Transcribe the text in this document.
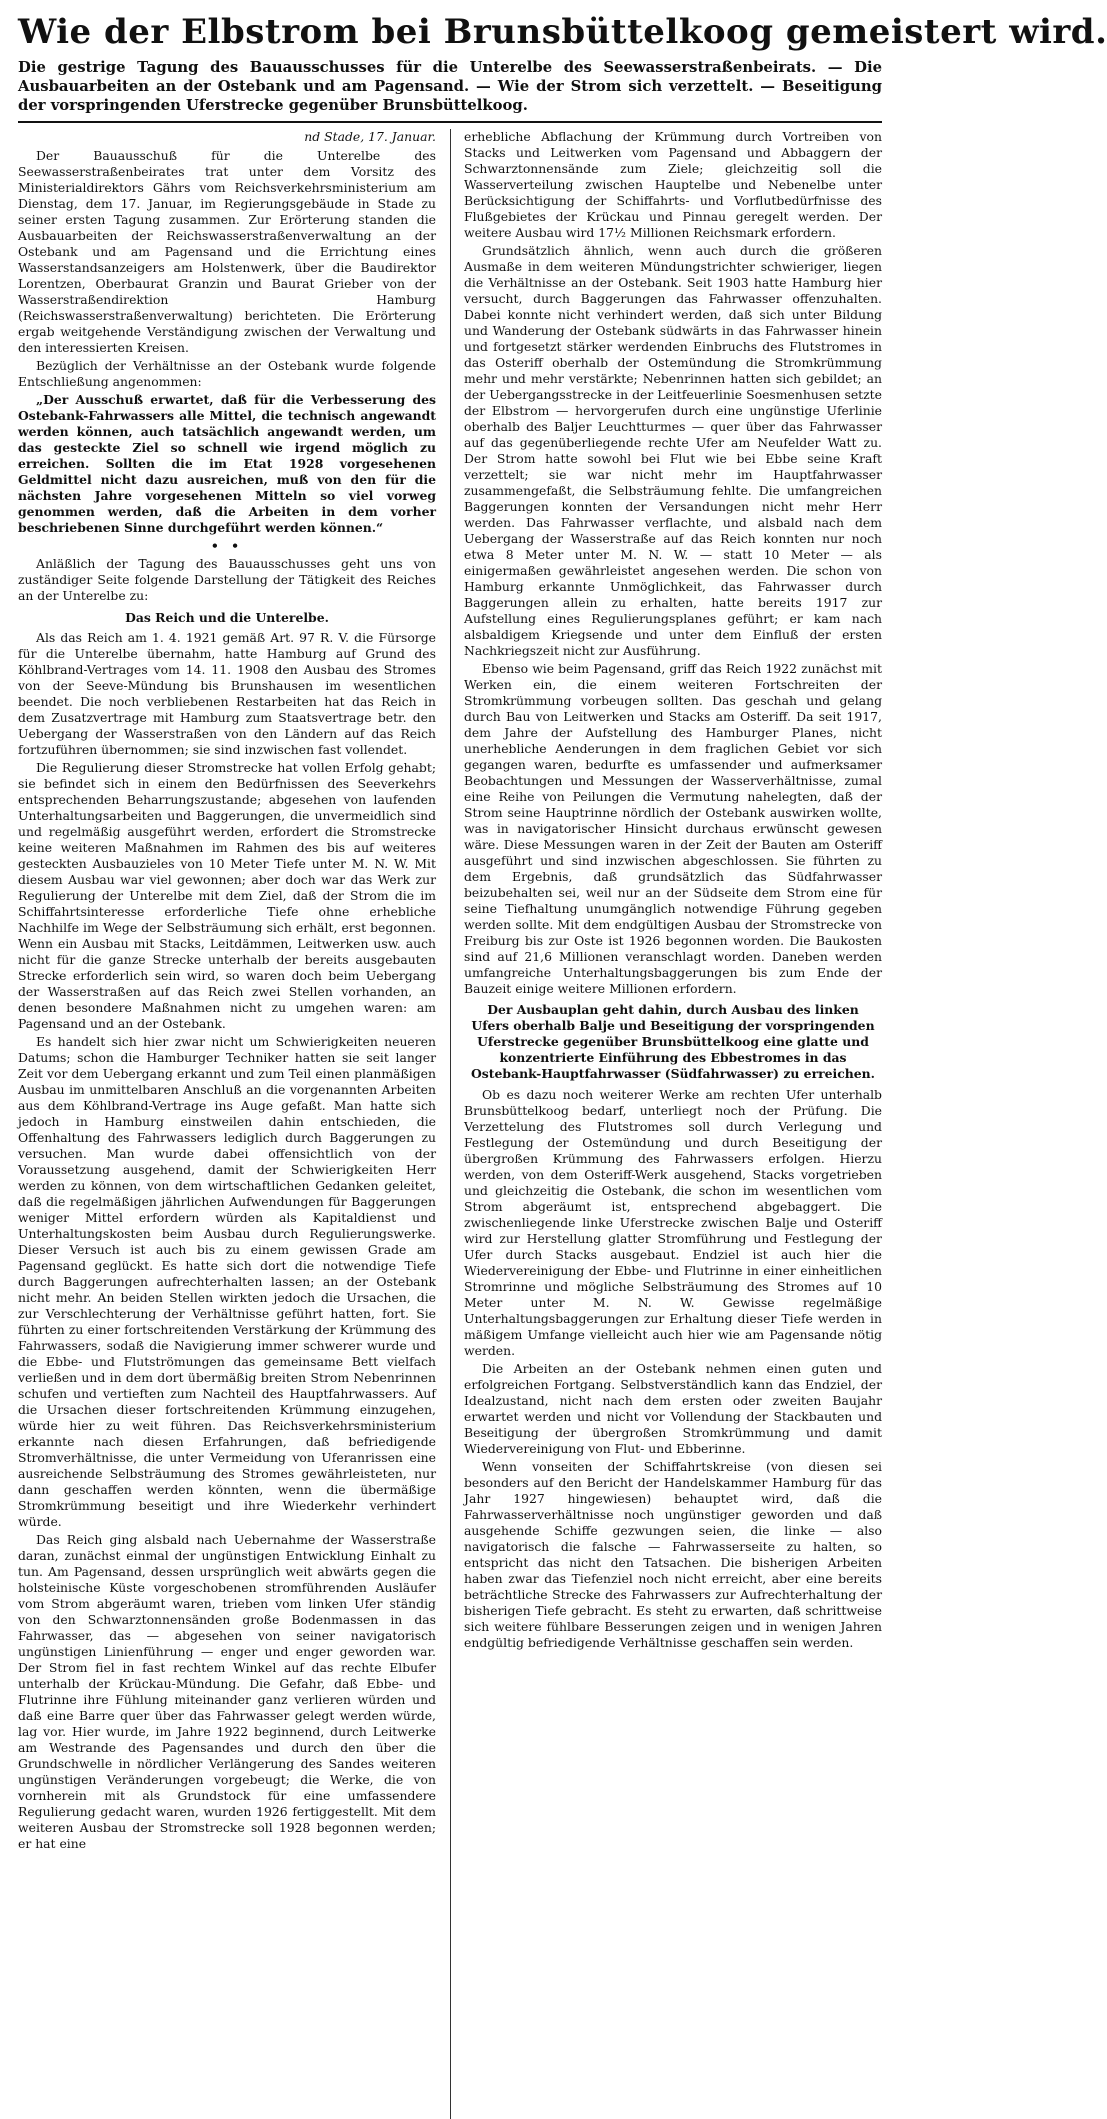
Wie der Elbstrom bei Brunsbüttelkoog gemeistert wird.
Die gestrige Tagung des Bauausschusses für die Unterelbe des Seewasserstraßenbeirats. — Die Ausbauarbeiten an der Ostebank und am Pagensand. — Wie der Strom sich verzettelt. — Beseitigung der vorspringenden Uferstrecke gegenüber Brunsbüttelkoog.
nd Stade, 17. Januar.

Der Bauausschuß für die Unterelbe des Seewasserstraßenbeirates trat unter dem Vorsitz des Ministerialdirektors Gährs vom Reichsverkehrsministerium am Dienstag, dem 17. Januar, im Regierungsgebäude in Stade zu seiner ersten Tagung zusammen. Zur Erörterung standen die Ausbauarbeiten der Reichswasserstraßenverwaltung an der Ostebank und am Pagensand und die Errichtung eines Wasserstandsanzeigers am Holstenwerk, über die Baudirektor Lorentzen, Oberbaurat Granzin und Baurat Grieber von der Wasserstraßendirektion Hamburg (Reichswasserstraßenverwaltung) berichteten. Die Erörterung ergab weitgehende Verständigung zwischen der Verwaltung und den interessierten Kreisen.

Bezüglich der Verhältnisse an der Ostebank wurde folgende Entschließung angenommen:

„Der Ausschuß erwartet, daß für die Verbesserung des Ostebank-Fahrwassers alle Mittel, die technisch angewandt werden können, auch tatsächlich angewandt werden, um das gesteckte Ziel so schnell wie irgend möglich zu erreichen. Sollten die im Etat 1928 vorgesehenen Geldmittel nicht dazu ausreichen, muß von den für die nächsten Jahre vorgesehenen Mitteln so viel vorweg genommen werden, daß die Arbeiten in dem vorher beschriebenen Sinne durchgeführt werden können.“

• •

Anläßlich der Tagung des Bauausschusses geht uns von zuständiger Seite folgende Darstellung der Tätigkeit des Reiches an der Unterelbe zu:

Das Reich und die Unterelbe.

Als das Reich am 1. 4. 1921 gemäß Art. 97 R. V. die Fürsorge für die Unterelbe übernahm, hatte Hamburg auf Grund des Köhlbrand-Vertrages vom 14. 11. 1908 den Ausbau des Stromes von der Seeve-Mündung bis Brunshausen im wesentlichen beendet. Die noch verbliebenen Restarbeiten hat das Reich in dem Zusatzvertrage mit Hamburg zum Staatsvertrage betr. den Uebergang der Wasserstraßen von den Ländern auf das Reich fortzuführen übernommen; sie sind inzwischen fast vollendet.

Die Regulierung dieser Stromstrecke hat vollen Erfolg gehabt; sie befindet sich in einem den Bedürfnissen des Seeverkehrs entsprechenden Beharrungszustande; abgesehen von laufenden Unterhaltungsarbeiten und Baggerungen, die unvermeidlich sind und regelmäßig ausgeführt werden, erfordert die Stromstrecke keine weiteren Maßnahmen im Rahmen des bis auf weiteres gesteckten Ausbauzieles von 10 Meter Tiefe unter M. N. W. Mit diesem Ausbau war viel gewonnen; aber doch war das Werk zur Regulierung der Unterelbe mit dem Ziel, daß der Strom die im Schiffahrtsinteresse erforderliche Tiefe ohne erhebliche Nachhilfe im Wege der Selbsträumung sich erhält, erst begonnen. Wenn ein Ausbau mit Stacks, Leitdämmen, Leitwerken usw. auch nicht für die ganze Strecke unterhalb der bereits ausgebauten Strecke erforderlich sein wird, so waren doch beim Uebergang der Wasserstraßen auf das Reich zwei Stellen vorhanden, an denen besondere Maßnahmen nicht zu umgehen waren: am Pagensand und an der Ostebank.

Es handelt sich hier zwar nicht um Schwierigkeiten neueren Datums; schon die Hamburger Techniker hatten sie seit langer Zeit vor dem Uebergang erkannt und zum Teil einen planmäßigen Ausbau im unmittelbaren Anschluß an die vorgenannten Arbeiten aus dem Köhlbrand-Vertrage ins Auge gefaßt. Man hatte sich jedoch in Hamburg einstweilen dahin entschieden, die Offenhaltung des Fahrwassers lediglich durch Baggerungen zu versuchen. Man wurde dabei offensichtlich von der Voraussetzung ausgehend, damit der Schwierigkeiten Herr werden zu können, von dem wirtschaftlichen Gedanken geleitet, daß die regelmäßigen jährlichen Aufwendungen für Baggerungen weniger Mittel erfordern würden als Kapitaldienst und Unterhaltungskosten beim Ausbau durch Regulierungswerke. Dieser Versuch ist auch bis zu einem gewissen Grade am Pagensand geglückt. Es hatte sich dort die notwendige Tiefe durch Baggerungen aufrechterhalten lassen; an der Ostebank nicht mehr. An beiden Stellen wirkten jedoch die Ursachen, die zur Verschlechterung der Verhältnisse geführt hatten, fort. Sie führten zu einer fortschreitenden Verstärkung der Krümmung des Fahrwassers, sodaß die Navigierung immer schwerer wurde und die Ebbe- und Flutströmungen das gemeinsame Bett vielfach verließen und in dem dort übermäßig breiten Strom Nebenrinnen schufen und vertieften zum Nachteil des Hauptfahrwassers. Auf die Ursachen dieser fortschreitenden Krümmung einzugehen, würde hier zu weit führen. Das Reichsverkehrsministerium erkannte nach diesen Erfahrungen, daß befriedigende Stromverhältnisse, die unter Vermeidung von Uferanrissen eine ausreichende Selbsträumung des Stromes gewährleisteten, nur dann geschaffen werden könnten, wenn die übermäßige Stromkrümmung beseitigt und ihre Wiederkehr verhindert würde.

Das Reich ging alsbald nach Uebernahme der Wasserstraße daran, zunächst einmal der ungünstigen Entwicklung Einhalt zu tun. Am Pagensand, dessen ursprünglich weit abwärts gegen die holsteinische Küste vorgeschobenen stromführenden Ausläufer vom Strom abgeräumt waren, trieben vom linken Ufer ständig von den Schwarztonnensänden große Bodenmassen in das Fahrwasser, das — abgesehen von seiner navigatorisch ungünstigen Linienführung — enger und enger geworden war. Der Strom fiel in fast rechtem Winkel auf das rechte Elbufer unterhalb der Krückau-Mündung. Die Gefahr, daß Ebbe- und Flutrinne ihre Fühlung miteinander ganz verlieren würden und daß eine Barre quer über das Fahrwasser gelegt werden würde, lag vor. Hier wurde, im Jahre 1922 beginnend, durch Leitwerke am Westrande des Pagensandes und durch den über die Grundschwelle in nördlicher Verlängerung des Sandes weiteren ungünstigen Veränderungen vorgebeugt; die Werke, die von vornherein mit als Grundstock für eine umfassendere Regulierung gedacht waren, wurden 1926 fertiggestellt. Mit dem weiteren Ausbau der Stromstrecke soll 1928 begonnen werden; er hat eine

erhebliche Abflachung der Krümmung durch Vortreiben von Stacks und Leitwerken vom Pagensand und Abbaggern der Schwarztonnensände zum Ziele; gleichzeitig soll die Wasserverteilung zwischen Hauptelbe und Nebenelbe unter Berücksichtigung der Schiffahrts- und Vorflutbedürfnisse des Flußgebietes der Krückau und Pinnau geregelt werden. Der weitere Ausbau wird 17½ Millionen Reichsmark erfordern.

Grundsätzlich ähnlich, wenn auch durch die größeren Ausmaße in dem weiteren Mündungstrichter schwieriger, liegen die Verhältnisse an der Ostebank. Seit 1903 hatte Hamburg hier versucht, durch Baggerungen das Fahrwasser offenzuhalten. Dabei konnte nicht verhindert werden, daß sich unter Bildung und Wanderung der Ostebank südwärts in das Fahrwasser hinein und fortgesetzt stärker werdenden Einbruchs des Flutstromes in das Osteriff oberhalb der Ostemündung die Stromkrümmung mehr und mehr verstärkte; Nebenrinnen hatten sich gebildet; an der Uebergangsstrecke in der Leitfeuerlinie Soesmenhusen setzte der Elbstrom — hervorgerufen durch eine ungünstige Uferlinie oberhalb des Baljer Leuchtturmes — quer über das Fahrwasser auf das gegenüberliegende rechte Ufer am Neufelder Watt zu. Der Strom hatte sowohl bei Flut wie bei Ebbe seine Kraft verzettelt; sie war nicht mehr im Hauptfahrwasser zusammengefaßt, die Selbsträumung fehlte. Die umfangreichen Baggerungen konnten der Versandungen nicht mehr Herr werden. Das Fahrwasser verflachte, und alsbald nach dem Uebergang der Wasserstraße auf das Reich konnten nur noch etwa 8 Meter unter M. N. W. — statt 10 Meter — als einigermaßen gewährleistet angesehen werden. Die schon von Hamburg erkannte Unmöglichkeit, das Fahrwasser durch Baggerungen allein zu erhalten, hatte bereits 1917 zur Aufstellung eines Regulierungsplanes geführt; er kam nach alsbaldigem Kriegsende und unter dem Einfluß der ersten Nachkriegszeit nicht zur Ausführung.

Ebenso wie beim Pagensand, griff das Reich 1922 zunächst mit Werken ein, die einem weiteren Fortschreiten der Stromkrümmung vorbeugen sollten. Das geschah und gelang durch Bau von Leitwerken und Stacks am Osteriff. Da seit 1917, dem Jahre der Aufstellung des Hamburger Planes, nicht unerhebliche Aenderungen in dem fraglichen Gebiet vor sich gegangen waren, bedurfte es umfassender und aufmerksamer Beobachtungen und Messungen der Wasserverhältnisse, zumal eine Reihe von Peilungen die Vermutung nahelegten, daß der Strom seine Hauptrinne nördlich der Ostebank auswirken wollte, was in navigatorischer Hinsicht durchaus erwünscht gewesen wäre. Diese Messungen waren in der Zeit der Bauten am Osteriff ausgeführt und sind inzwischen abgeschlossen. Sie führten zu dem Ergebnis, daß grundsätzlich das Südfahrwasser beizubehalten sei, weil nur an der Südseite dem Strom eine für seine Tiefhaltung unumgänglich notwendige Führung gegeben werden sollte. Mit dem endgültigen Ausbau der Stromstrecke von Freiburg bis zur Oste ist 1926 begonnen worden. Die Baukosten sind auf 21,6 Millionen veranschlagt worden. Daneben werden umfangreiche Unterhaltungsbaggerungen bis zum Ende der Bauzeit einige weitere Millionen erfordern.

Der Ausbauplan geht dahin, durch Ausbau des linken Ufers oberhalb Balje und Beseitigung der vorspringenden Uferstrecke gegenüber Brunsbüttelkoog eine glatte und konzentrierte Einführung des Ebbestromes in das Ostebank-Hauptfahrwasser (Südfahrwasser) zu erreichen.

Ob es dazu noch weiterer Werke am rechten Ufer unterhalb Brunsbüttelkoog bedarf, unterliegt noch der Prüfung. Die Verzettelung des Flutstromes soll durch Verlegung und Festlegung der Ostemündung und durch Beseitigung der übergroßen Krümmung des Fahrwassers erfolgen. Hierzu werden, von dem Osteriff-Werk ausgehend, Stacks vorgetrieben und gleichzeitig die Ostebank, die schon im wesentlichen vom Strom abgeräumt ist, entsprechend abgebaggert. Die zwischenliegende linke Uferstrecke zwischen Balje und Osteriff wird zur Herstellung glatter Stromführung und Festlegung der Ufer durch Stacks ausgebaut. Endziel ist auch hier die Wiedervereinigung der Ebbe- und Flutrinne in einer einheitlichen Stromrinne und mögliche Selbsträumung des Stromes auf 10 Meter unter M. N. W. Gewisse regelmäßige Unterhaltungsbaggerungen zur Erhaltung dieser Tiefe werden in mäßigem Umfange vielleicht auch hier wie am Pagensande nötig werden.

Die Arbeiten an der Ostebank nehmen einen guten und erfolgreichen Fortgang. Selbstverständlich kann das Endziel, der Idealzustand, nicht nach dem ersten oder zweiten Baujahr erwartet werden und nicht vor Vollendung der Stackbauten und Beseitigung der übergroßen Stromkrümmung und damit Wiedervereinigung von Flut- und Ebberinne.

Wenn vonseiten der Schiffahrtskreise (von diesen sei besonders auf den Bericht der Handelskammer Hamburg für das Jahr 1927 hingewiesen) behauptet wird, daß die Fahrwasserverhältnisse noch ungünstiger geworden und daß ausgehende Schiffe gezwungen seien, die linke — also navigatorisch die falsche — Fahrwasserseite zu halten, so entspricht das nicht den Tatsachen. Die bisherigen Arbeiten haben zwar das Tiefenziel noch nicht erreicht, aber eine bereits beträchtliche Strecke des Fahrwassers zur Aufrechterhaltung der bisherigen Tiefe gebracht. Es steht zu erwarten, daß schrittweise sich weitere fühlbare Besserungen zeigen und in wenigen Jahren endgültig befriedigende Verhältnisse geschaffen sein werden.
